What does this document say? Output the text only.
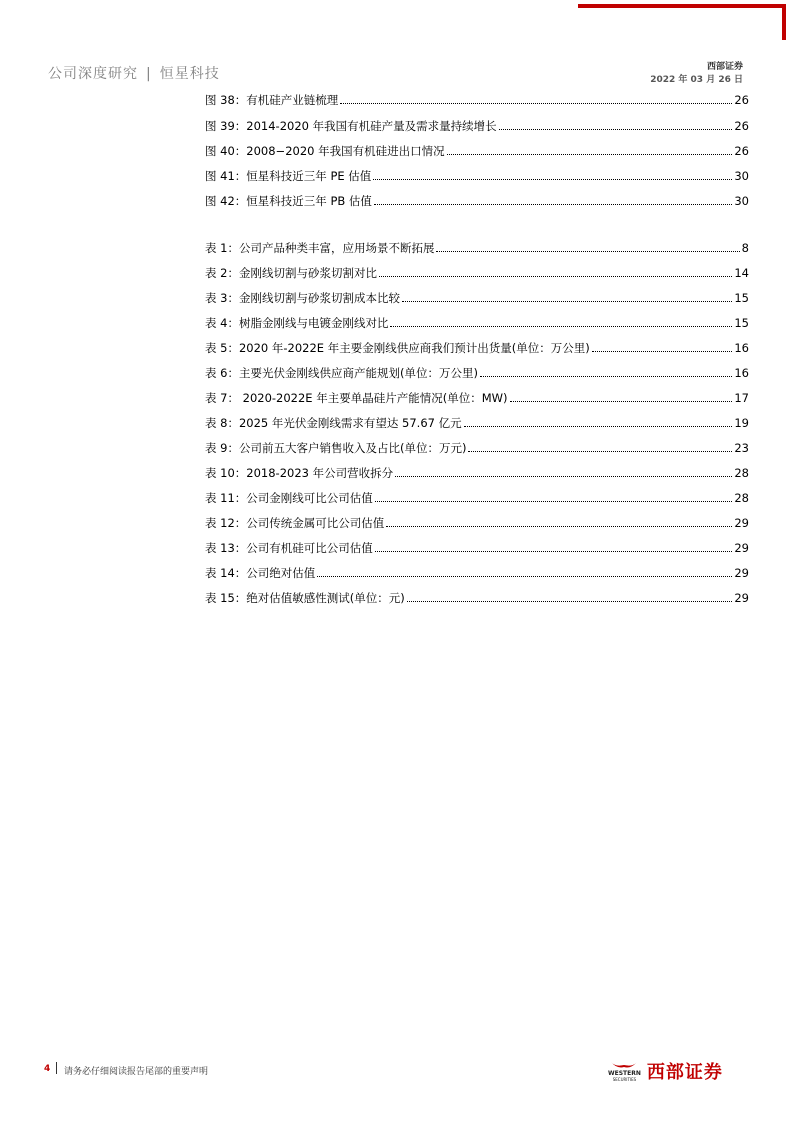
公司深度研究 | 恒星科技	西部证券
2022 年 03 月 26 日
图 38：有机硅产业链梳理	26
图 39：2014-2020 年我国有机硅产量及需求量持续增长	26
图 40：2008−2020 年我国有机硅进出口情况	26
图 41：恒星科技近三年 PE 估值	30
图 42：恒星科技近三年 PB 估值	30
表 1：公司产品种类丰富，应用场景不断拓展	8
表 2：金刚线切割与砂浆切割对比	14
表 3：金刚线切割与砂浆切割成本比较	15
表 4：树脂金刚线与电镀金刚线对比	15
表 5：2020 年-2022E 年主要金刚线供应商我们预计出货量(单位：万公里)	16
表 6：主要光伏金刚线供应商产能规划(单位：万公里)	16
表 7： 2020-2022E 年主要单晶硅片产能情况(单位：MW)	17
表 8：2025 年光伏金刚线需求有望达 57.67 亿元	19
表 9：公司前五大客户销售收入及占比(单位：万元)	23
表 10：2018-2023 年公司营收拆分	28
表 11：公司金刚线可比公司估值	28
表 12：公司传统金属可比公司估值	29
表 13：公司有机硅可比公司估值	29
表 14：公司绝对估值	29
表 15：绝对估值敏感性测试(单位：元)	29
4 请务必仔细阅读报告尾部的重要声明	WESTERN
SECURITIES 西部证券
